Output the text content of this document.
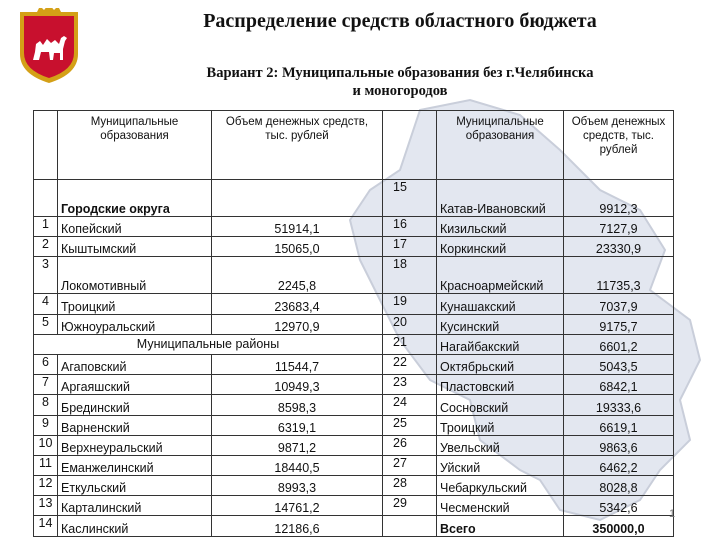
Распределение средств областного бюджета
Вариант 2: Муниципальные образования без г.Челябинска
и моногородов
	Муниципальные образования	Объем денежных средств, тыс. рублей		Муниципальные образования	Объем денежных средств, тыс. рублей
	Городские округа		15	Катав-Ивановский	9912,3
1	Копейский	51914,1	16	Кизильский	7127,9
2	Кыштымский	15065,0	17	Коркинский	23330,9
3	Локомотивный	2245,8	18	Красноармейский	11735,3
4	Троицкий	23683,4	19	Кунашакский	7037,9
5	Южноуральский	12970,9	20	Кусинский	9175,7
Муниципальные районы			21	Нагайбакский	6601,2
6	Агаповский	11544,7	22	Октябрьский	5043,5
7	Аргаяшский	10949,3	23	Пластовский	6842,1
8	Брединский	8598,3	24	Сосновский	19333,6
9	Варненский	6319,1	25	Троицкий	6619,1
10	Верхнеуральский	9871,2	26	Увельский	9863,6
11	Еманжелинский	18440,5	27	Уйский	6462,2
12	Еткульский	8993,3	28	Чебаркульский	8028,8
13	Карталинский	14761,2	29	Чесменский	5342,6
14	Каслинский	12186,6		Всего	350000,0
1
